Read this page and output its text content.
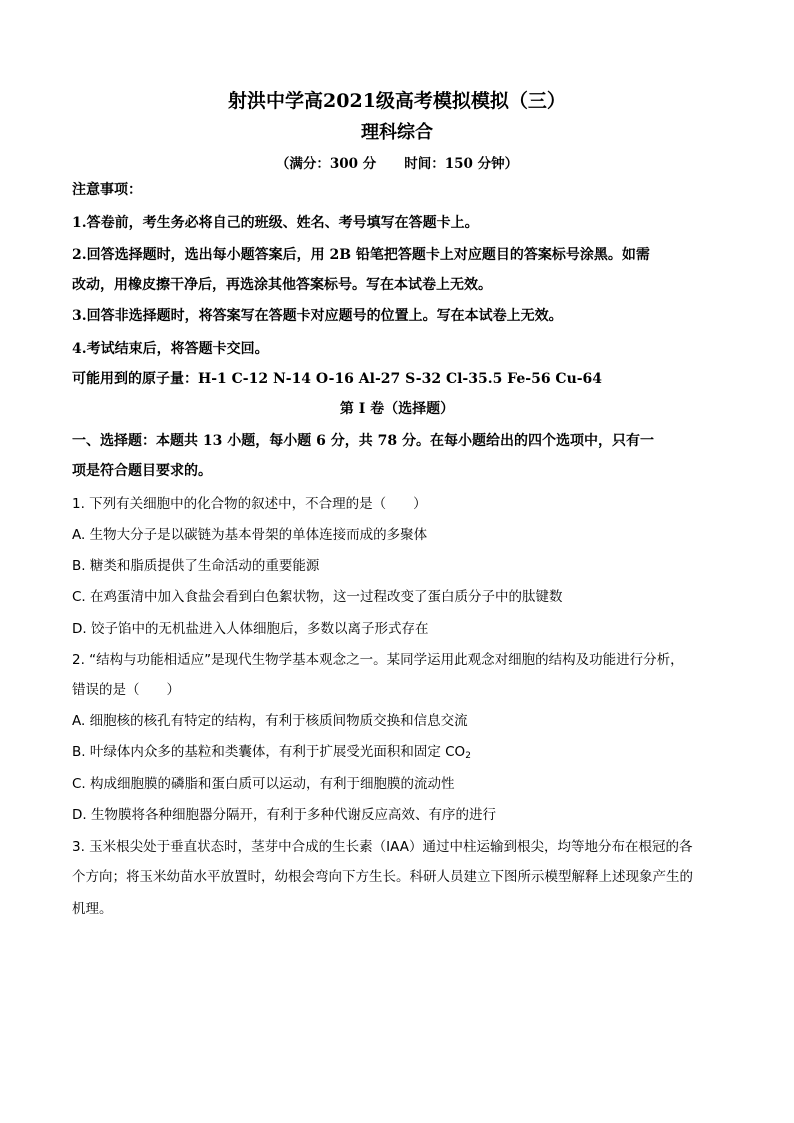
射洪中学高2021级高考模拟模拟（三）
理科综合
（满分：300 分 时间：150 分钟）
注意事项：
1.答卷前，考生务必将自己的班级、姓名、考号填写在答题卡上。
2.回答选择题时，选出每小题答案后，用 2B 铅笔把答题卡上对应题目的答案标号涂黑。如需
改动，用橡皮擦干净后，再选涂其他答案标号。写在本试卷上无效。
3.回答非选择题时，将答案写在答题卡对应题号的位置上。写在本试卷上无效。
4.考试结束后，将答题卡交回。
可能用到的原子量：H-1 C-12 N-14 O-16 Al-27 S-32 Cl-35.5 Fe-56 Cu-64
第 I 卷（选择题）
一、选择题：本题共 13 小题，每小题 6 分，共 78 分。在每小题给出的四个选项中，只有一
项是符合题目要求的。
1. 下列有关细胞中的化合物的叙述中，不合理的是（　　）
A. 生物大分子是以碳链为基本骨架的单体连接而成的多聚体
B. 糖类和脂质提供了生命活动的重要能源
C. 在鸡蛋清中加入食盐会看到白色絮状物，这一过程改变了蛋白质分子中的肽键数
D. 饺子馅中的无机盐进入人体细胞后，多数以离子形式存在
2. “结构与功能相适应”是现代生物学基本观念之一。某同学运用此观念对细胞的结构及功能进行分析，
错误的是（　　）
A. 细胞核的核孔有特定的结构，有利于核质间物质交换和信息交流
B. 叶绿体内众多的基粒和类囊体，有利于扩展受光面积和固定 $CO_2$
C. 构成细胞膜的磷脂和蛋白质可以运动，有利于细胞膜的流动性
D. 生物膜将各种细胞器分隔开，有利于多种代谢反应高效、有序的进行
3. 玉米根尖处于垂直状态时，茎芽中合成的生长素（IAA）通过中柱运输到根尖，均等地分布在根冠的各
个方向；将玉米幼苗水平放置时，幼根会弯向下方生长。科研人员建立下图所示模型解释上述现象产生的
机理。
